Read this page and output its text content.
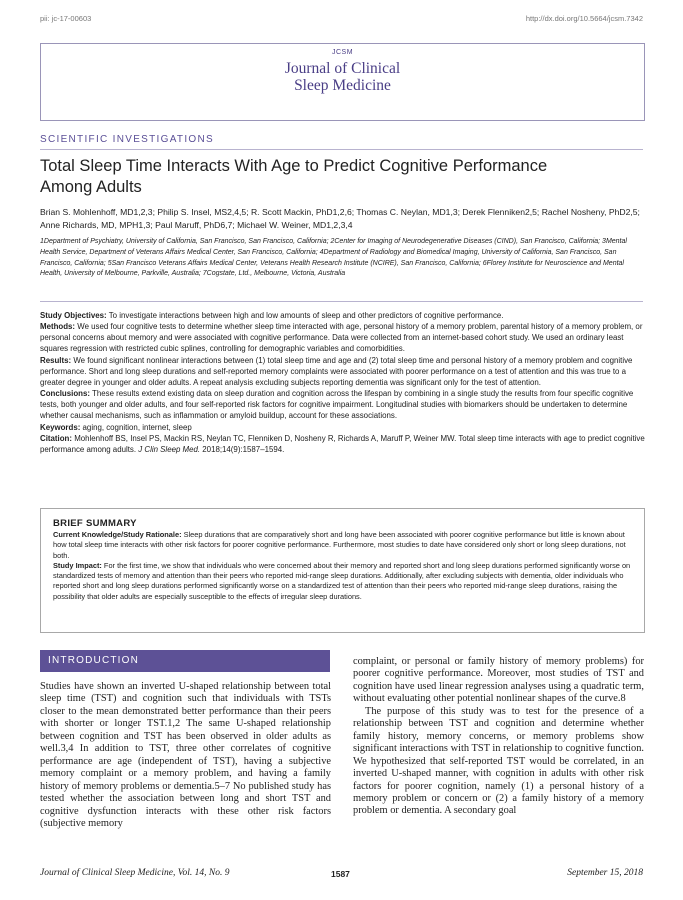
pii: jc-17-00603	http://dx.doi.org/10.5664/jcsm.7342
JCSM
Journal of Clinical
Sleep Medicine
SCIENTIFIC INVESTIGATIONS
Total Sleep Time Interacts With Age to Predict Cognitive Performance Among Adults
Brian S. Mohlenhoff, MD1,2,3; Philip S. Insel, MS2,4,5; R. Scott Mackin, PhD1,2,6; Thomas C. Neylan, MD1,3; Derek Flenniken2,5; Rachel Nosheny, PhD2,5; Anne Richards, MD, MPH1,3; Paul Maruff, PhD6,7; Michael W. Weiner, MD1,2,3,4
1Department of Psychiatry, University of California, San Francisco, San Francisco, California; 2Center for Imaging of Neurodegenerative Diseases (CIND), San Francisco, California; 3Mental Health Service, Department of Veterans Affairs Medical Center, San Francisco, California; 4Department of Radiology and Biomedical Imaging, University of California, San Francisco, San Francisco, California; 5San Francisco Veterans Affairs Medical Center, Veterans Health Research Institute (NCIRE), San Francisco, California; 6Florey Institute for Neuroscience and Mental Health, University of Melbourne, Parkville, Australia; 7Cogstate, Ltd., Melbourne, Victoria, Australia

Study Objectives: To investigate interactions between high and low amounts of sleep and other predictors of cognitive performance.

Methods: We used four cognitive tests to determine whether sleep time interacted with age, personal history of a memory problem, parental history of a memory problem, or personal concerns about memory and were associated with cognitive performance. Data were collected from an internet-based cohort study. We used an ordinary least squares regression with restricted cubic splines, controlling for demographic variables and comorbidities.

Results: We found significant nonlinear interactions between (1) total sleep time and age and (2) total sleep time and personal history of a memory problem and cognitive performance. Short and long sleep durations and self-reported memory complaints were associated with poorer performance on a test of attention and this was true to a greater degree in younger and older adults. A repeat analysis excluding subjects reporting dementia was significant only for the test of attention.

Conclusions: These results extend existing data on sleep duration and cognition across the lifespan by combining in a single study the results from four specific cognitive tests, both younger and older adults, and four self-reported risk factors for cognitive impairment. Longitudinal studies with biomarkers should be undertaken to determine whether causal mechanisms, such as inflammation or amyloid buildup, account for these associations.

Keywords: aging, cognition, internet, sleep

Citation: Mohlenhoff BS, Insel PS, Mackin RS, Neylan TC, Flenniken D, Nosheny R, Richards A, Maruff P, Weiner MW. Total sleep time interacts with age to predict cognitive performance among adults. J Clin Sleep Med. 2018;14(9):1587–1594.

BRIEF SUMMARY

Current Knowledge/Study Rationale: Sleep durations that are comparatively short and long have been associated with poorer cognitive performance but little is known about how total sleep time interacts with other risk factors for poorer cognitive performance. Furthermore, most studies to date have considered only short or long sleep durations, not both.

Study Impact: For the first time, we show that individuals who were concerned about their memory and reported short and long sleep durations performed significantly worse on standardized tests of memory and attention than their peers who reported mid-range sleep durations. Additionally, after excluding subjects with dementia, older individuals who reported short and long sleep durations performed significantly worse on a standardized test of attention than their peers who reported mid-range sleep durations, raising the possibility that older adults are especially susceptible to the effects of irregular sleep durations.

INTRODUCTION

Studies have shown an inverted U-shaped relationship between total sleep time (TST) and cognition such that individuals with TSTs closer to the mean demonstrated better performance than their peers with shorter or longer TST.1,2 The same U-shaped relationship between cognition and TST has been observed in older adults as well.3,4 In addition to TST, three other correlates of cognitive performance are age (independent of TST), having a subjective memory complaint or a memory problem, and having a family history of memory problems or dementia.5–7 No published study has tested whether the association between long and short TST and cognitive dysfunction interacts with these other risk factors (subjective memory

complaint, or personal or family history of memory problems) for poorer cognitive performance. Moreover, most studies of TST and cognition have used linear regression analyses using a quadratic term, without evaluating other potential nonlinear shapes of the curve.8

The purpose of this study was to test for the presence of a relationship between TST and cognition and determine whether family history, memory concerns, or memory problems show significant interactions with TST in relationship to cognitive function. We hypothesized that self-reported TST would be correlated, in an inverted U-shaped manner, with cognition in adults with other risk factors for poorer cognition, namely (1) a personal history of a memory problem or concern or (2) a family history of a memory problem or dementia. A secondary goal

Journal of Clinical Sleep Medicine, Vol. 14, No. 9	1587	September 15, 2018
